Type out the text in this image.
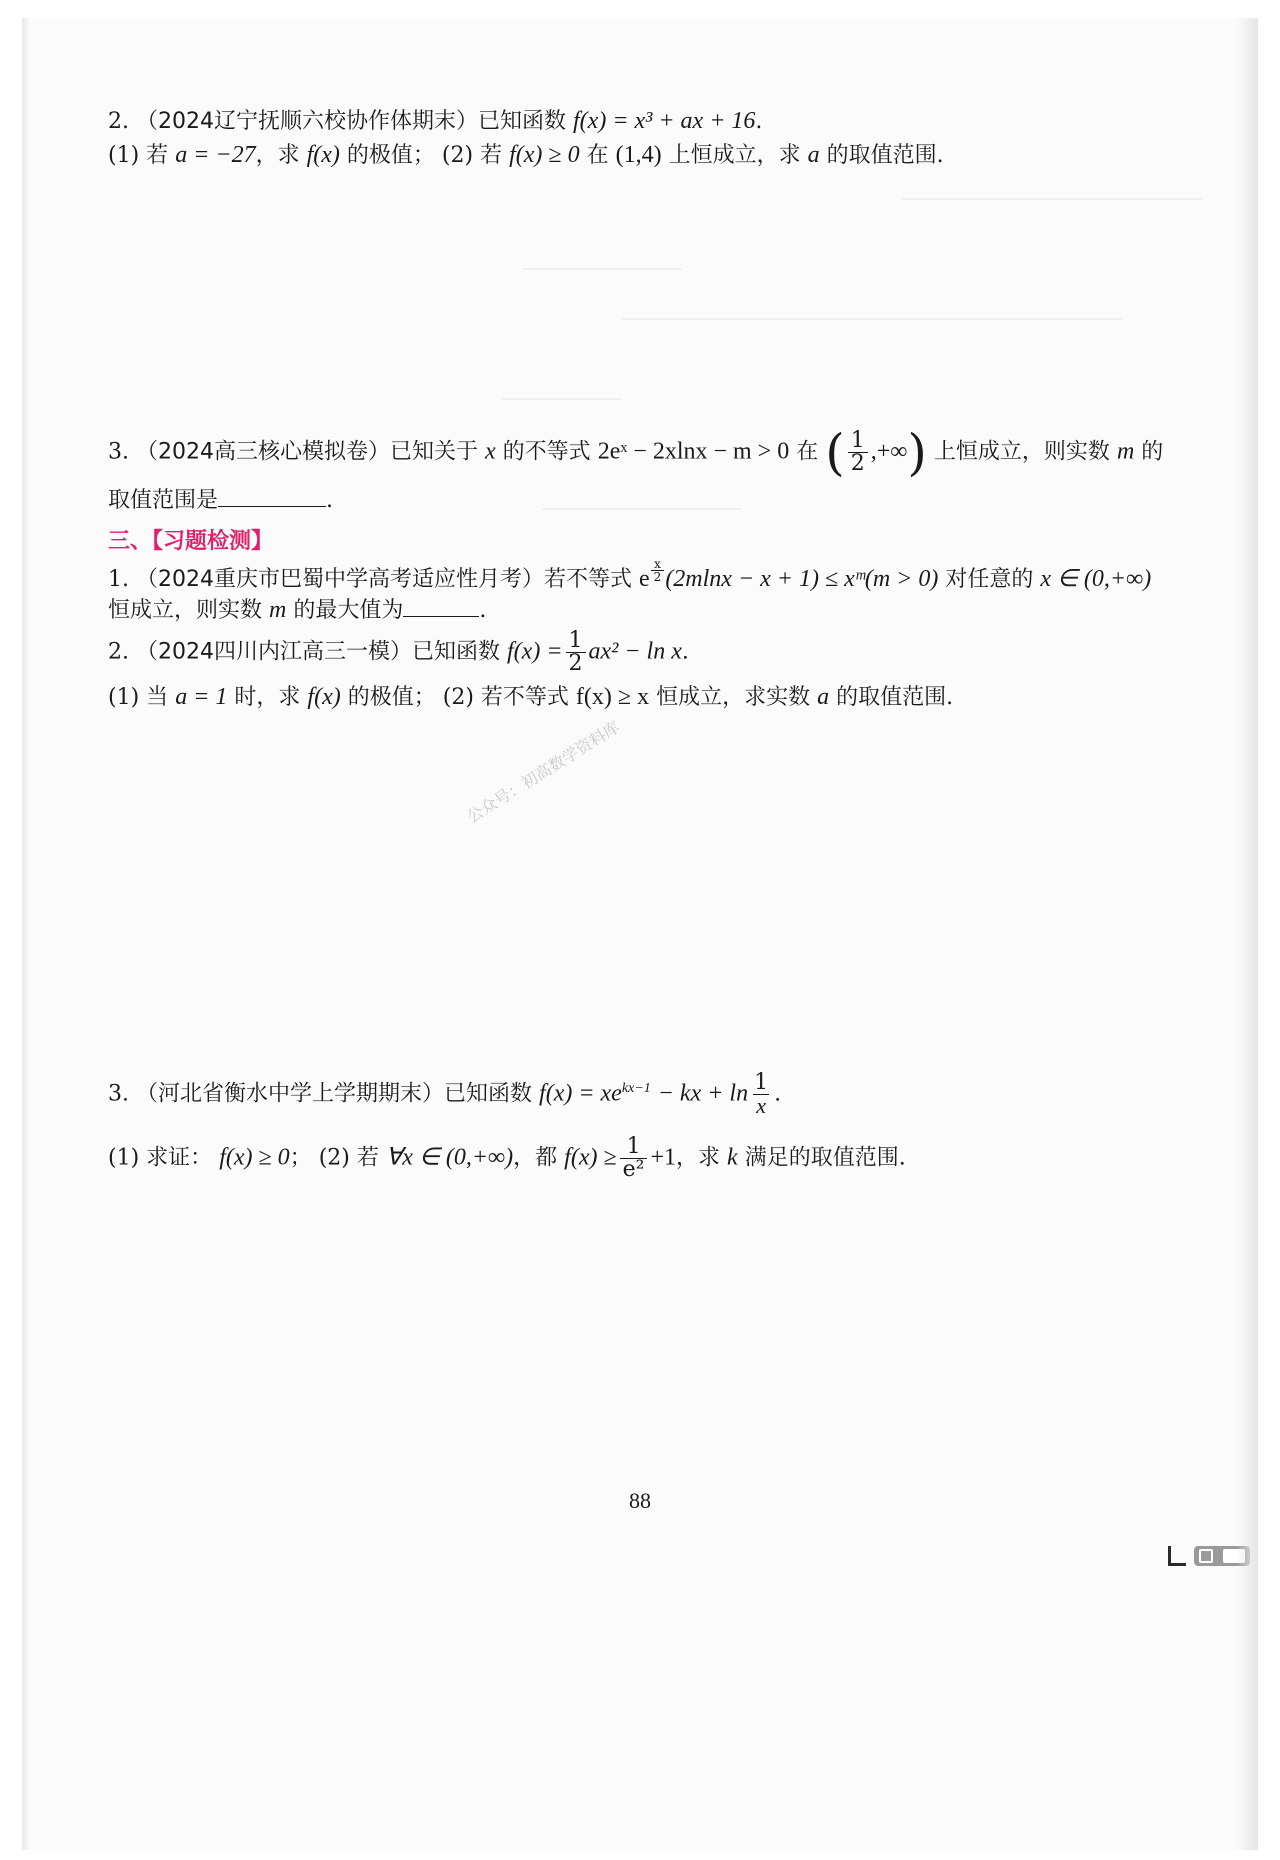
2. （2024辽宁抚顺六校协作体期末）已知函数 f(x) = x³ + ax + 16.
(1) 若 a = −27，求 f(x) 的极值； (2) 若 f(x) ≥ 0 在 (1,4) 上恒成立，求 a 的取值范围.
3. （2024高三核心模拟卷）已知关于 x 的不等式 2eˣ − 2xlnx − m > 0 在 ( $\frac{1}{2}$ ,+∞) 上恒成立，则实数 m 的
取值范围是	.
三、【习题检测】
1. （2024重庆市巴蜀中学高考适应性月考）若不等式 e $\frac{x}{2} (2mlnx - x + 1)$ ≤ xᵐ(m > 0) 对任意的 x ∈ (0,+∞)
恒成立，则实数 m 的最大值为	.
2. （2024四川内江高三一模）已知函数 $f(x) = \frac{1}{2} ax^2 - \ln x$.
(1) 当 a = 1 时，求 f(x) 的极值； (2) 若不等式 f(x) ≥ x 恒成立，求实数 a 的取值范围.
公众号：初高数学资料库
3. （河北省衡水中学上学期期末）已知函数 $f(x) = xe^{kx-1}$ − kx + $\ln \frac{1}{x}$ .
(1) 求证： f(x) ≥ 0； (2) 若 ∀x ∈ (0,+∞)，都 $f(x) \ge \frac{1}{\text{e²}} +1$，求 k 满足的取值范围.
88
